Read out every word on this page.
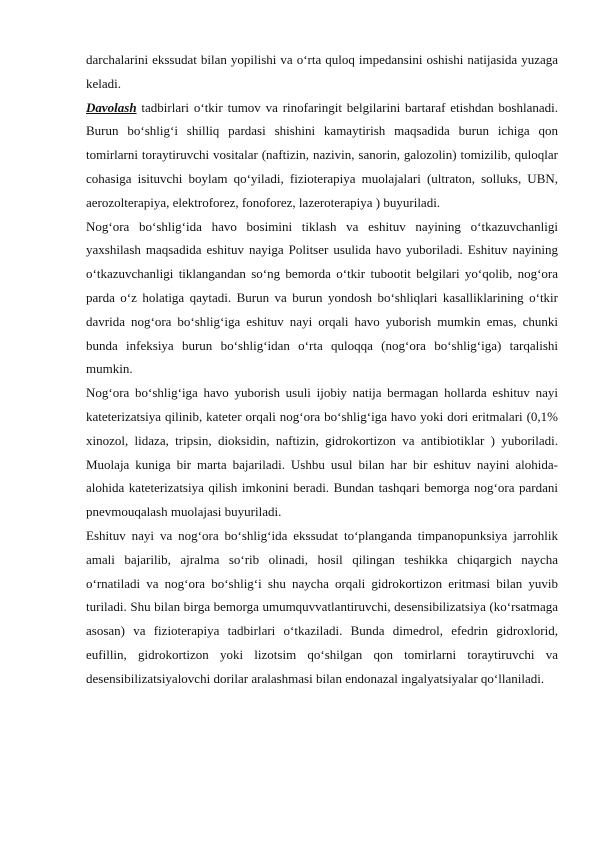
darchalarini ekssudat bilan yopilishi va o‘rta quloq impedansini oshishi natijasida yuzaga keladi.

Davolash tadbirlari o‘tkir tumov va rinofaringit belgilarini bartaraf etishdan boshlanadi. Burun bo‘shlig‘i shilliq pardasi shishini kamaytirish maqsadida burun ichiga qon tomirlarni toraytiruvchi vositalar (naftizin, nazivin, sanorin, galozolin) tomizilib, quloqlar cohasiga isituvchi boylam qo‘yiladi, fizioterapiya muolajalari (ultraton, solluks, UBN, aerozolterapiya, elektroforez, fonoforez, lazeroterapiya ) buyuriladi.

Nog‘ora bo‘shlig‘ida havo bosimini tiklash va eshituv nayining o‘tkazuvchanligi yaxshilash maqsadida eshituv nayiga Politser usulida havo yuboriladi. Eshituv nayining o‘tkazuvchanligi tiklangandan so‘ng bemorda o‘tkir tubootit belgilari yo‘qolib, nog‘ora parda o‘z holatiga qaytadi. Burun va burun yondosh bo‘shliqlari kasalliklarining o‘tkir davrida nog‘ora bo‘shlig‘iga eshituv nayi orqali havo yuborish mumkin emas, chunki bunda infeksiya burun bo‘shlig‘idan o‘rta quloqqa (nog‘ora bo‘shlig‘iga) tarqalishi mumkin.

Nog‘ora bo‘shlig‘iga havo yuborish usuli ijobiy natija bermagan hollarda eshituv nayi kateterizatsiya qilinib, kateter orqali nog‘ora bo‘shlig‘iga havo yoki dori eritmalari (0,1% xinozol, lidaza, tripsin, dioksidin, naftizin, gidrokortizon va antibiotiklar ) yuboriladi. Muolaja kuniga bir marta bajariladi. Ushbu usul bilan har bir eshituv nayini alohida-alohida kateterizatsiya qilish imkonini beradi. Bundan tashqari bemorga nog‘ora pardani pnevmouqalash muolajasi buyuriladi.

Eshituv nayi va nog‘ora bo‘shlig‘ida ekssudat to‘planganda timpanopunksiya jarrohlik amali bajarilib, ajralma so‘rib olinadi, hosil qilingan teshikka chiqargich naycha o‘rnatiladi va nog‘ora bo‘shlig‘i shu naycha orqali gidrokortizon eritmasi bilan yuvib turiladi. Shu bilan birga bemorga umumquvvatlantiruvchi, desensibilizatsiya (ko‘rsatmaga asosan) va fizioterapiya tadbirlari o‘tkaziladi. Bunda dimedrol, efedrin gidroxlorid, eufillin, gidrokortizon yoki lizotsim qo‘shilgan qon tomirlarni toraytiruvchi va desensibilizatsiyalovchi dorilar aralashmasi bilan endonazal ingalyatsiyalar qo‘llaniladi.
